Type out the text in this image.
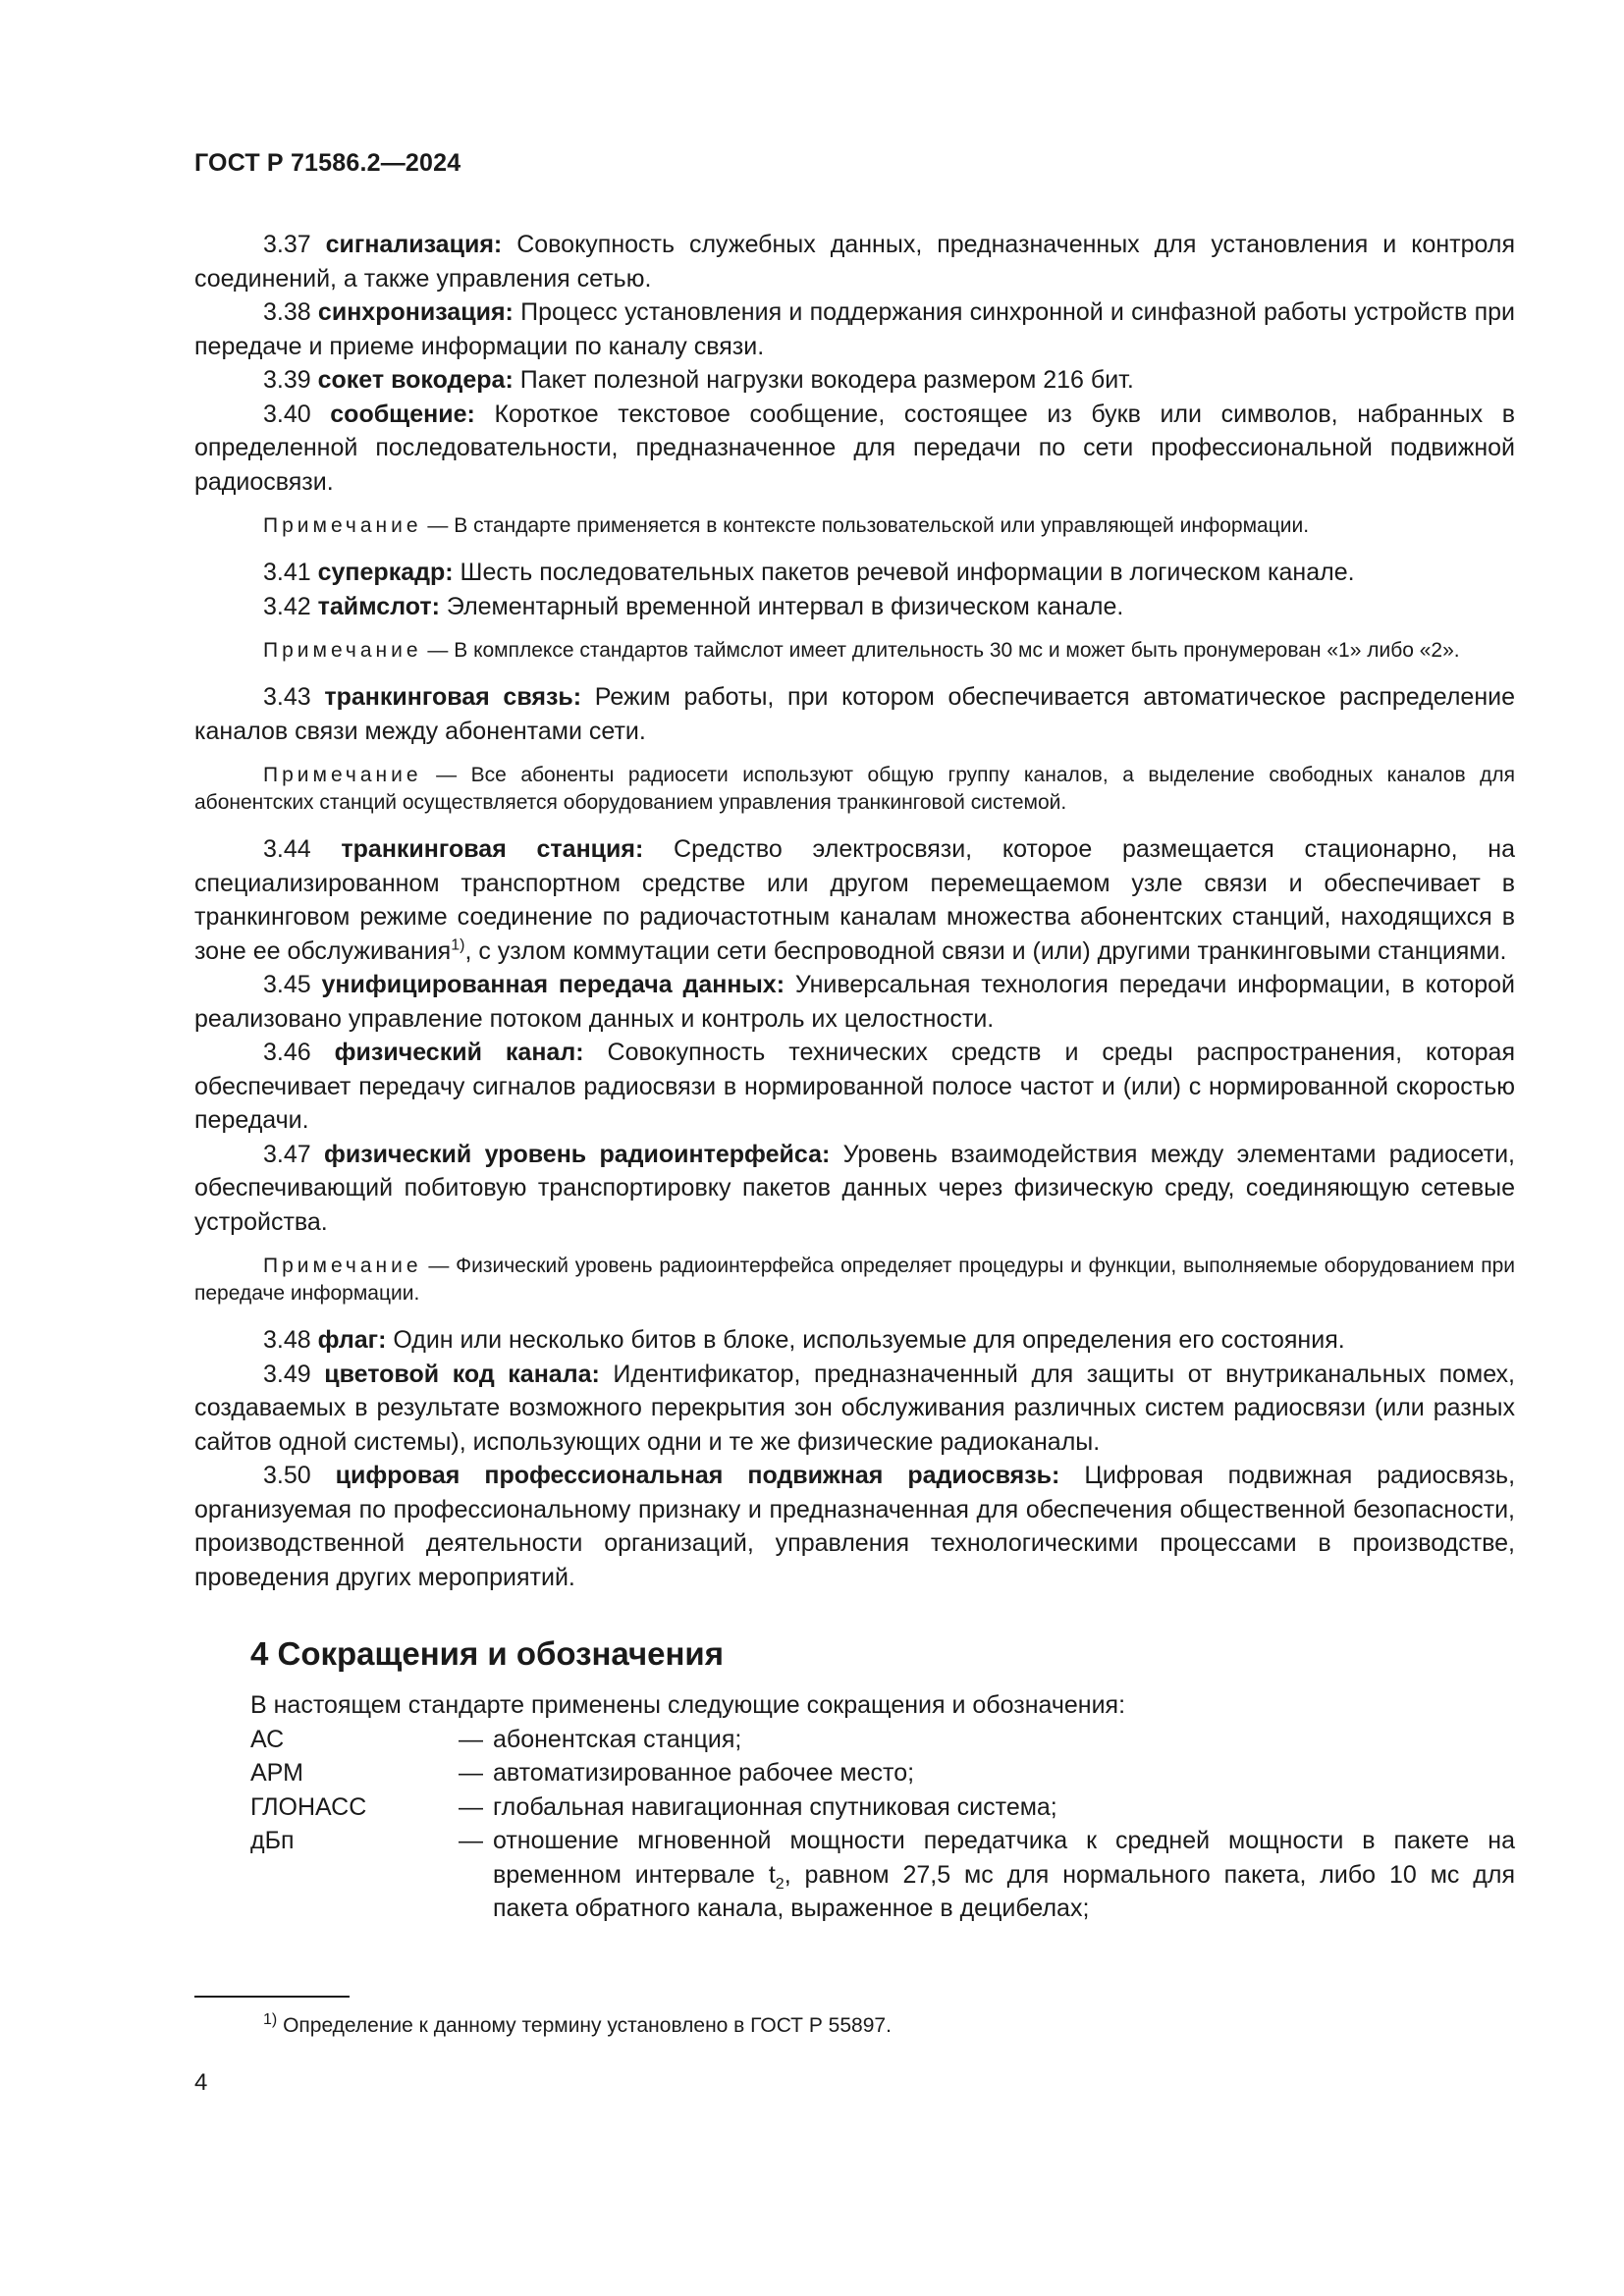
ГОСТ Р 71586.2—2024

3.37 сигнализация: Совокупность служебных данных, предназначенных для установления и контроля соединений, а также управления сетью.

3.38 синхронизация: Процесс установления и поддержания синхронной и синфазной работы устройств при передаче и приеме информации по каналу связи.

3.39 сокет вокодера: Пакет полезной нагрузки вокодера размером 216 бит.

3.40 сообщение: Короткое текстовое сообщение, состоящее из букв или символов, набранных в определенной последовательности, предназначенное для передачи по сети профессиональной подвижной радиосвязи.

Примечание — В стандарте применяется в контексте пользовательской или управляющей информации.

3.41 суперкадр: Шесть последовательных пакетов речевой информации в логическом канале.

3.42 таймслот: Элементарный временной интервал в физическом канале.

Примечание — В комплексе стандартов таймслот имеет длительность 30 мс и может быть пронумерован «1» либо «2».

3.43 транкинговая связь: Режим работы, при котором обеспечивается автоматическое распределение каналов связи между абонентами сети.

Примечание — Все абоненты радиосети используют общую группу каналов, а выделение свободных каналов для абонентских станций осуществляется оборудованием управления транкинговой системой.

3.44 транкинговая станция: Средство электросвязи, которое размещается стационарно, на специализированном транспортном средстве или другом перемещаемом узле связи и обеспечивает в транкинговом режиме соединение по радиочастотным каналам множества абонентских станций, находящихся в зоне ее обслуживания$^{1)}$, с узлом коммутации сети беспроводной связи и (или) другими транкинговыми станциями.

3.45 унифицированная передача данных: Универсальная технология передачи информации, в которой реализовано управление потоком данных и контроль их целостности.

3.46 физический канал: Совокупность технических средств и среды распространения, которая обеспечивает передачу сигналов радиосвязи в нормированной полосе частот и (или) с нормированной скоростью передачи.

3.47 физический уровень радиоинтерфейса: Уровень взаимодействия между элементами радиосети, обеспечивающий побитовую транспортировку пакетов данных через физическую среду, соединяющую сетевые устройства.

Примечание — Физический уровень радиоинтерфейса определяет процедуры и функции, выполняемые оборудованием при передаче информации.

3.48 флаг: Один или несколько битов в блоке, используемые для определения его состояния.

3.49 цветовой код канала: Идентификатор, предназначенный для защиты от внутриканальных помех, создаваемых в результате возможного перекрытия зон обслуживания различных систем радиосвязи (или разных сайтов одной системы), использующих одни и те же физические радиоканалы.

3.50 цифровая профессиональная подвижная радиосвязь: Цифровая подвижная радиосвязь, организуемая по профессиональному признаку и предназначенная для обеспечения общественной безопасности, производственной деятельности организаций, управления технологическими процессами в производстве, проведения других мероприятий.

4 Сокращения и обозначения

В настоящем стандарте применены следующие сокращения и обозначения:

АС	— абонентская станция;
АРМ	— автоматизированное рабочее место;
ГЛОНАСС	— глобальная навигационная спутниковая система;
дБп	— отношение мгновенной мощности передатчика к средней мощности в пакете на временном интервале $t_2$, равном 27,5 мс для нормального пакета, либо 10 мс для пакета обратного канала, выраженное в децибелах;
$^{1)}$ Определение к данному термину установлено в ГОСТ Р 55897.
4
